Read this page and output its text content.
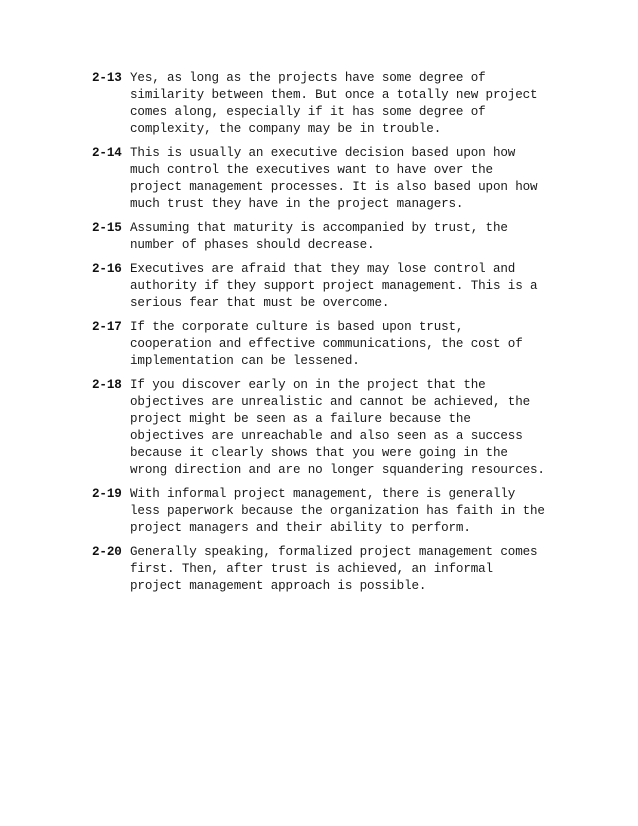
2-13 Yes, as long as the projects have some degree of similarity between them. But once a totally new project comes along, especially if it has some degree of complexity, the company may be in trouble.
2-14 This is usually an executive decision based upon how much control the executives want to have over the project management processes. It is also based upon how much trust they have in the project managers.
2-15 Assuming that maturity is accompanied by trust, the number of phases should decrease.
2-16 Executives are afraid that they may lose control and authority if they support project management. This is a serious fear that must be overcome.
2-17 If the corporate culture is based upon trust, cooperation and effective communications, the cost of implementation can be lessened.
2-18 If you discover early on in the project that the objectives are unrealistic and cannot be achieved, the project might be seen as a failure because the objectives are unreachable and also seen as a success because it clearly shows that you were going in the wrong direction and are no longer squandering resources.
2-19 With informal project management, there is generally less paperwork because the organization has faith in the project managers and their ability to perform.
2-20 Generally speaking, formalized project management comes first. Then, after trust is achieved, an informal project management approach is possible.
